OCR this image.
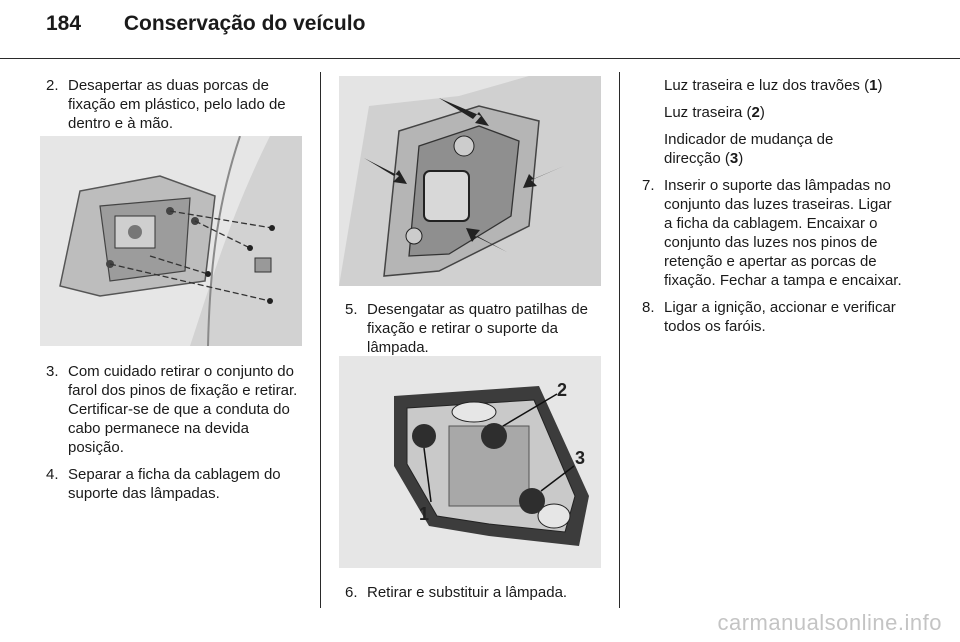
184 Conservação do veículo
2. Desapertar as duas porcas de fixação em plástico, pelo lado de dentro e à mão.
3. Com cuidado retirar o conjunto do farol dos pinos de fixação e retirar. Certificar-se de que a conduta do cabo permanece na devida posição.
4. Separar a ficha da cablagem do suporte das lâmpadas.
5. Desengatar as quatro patilhas de fixação e retirar o suporte da lâmpada.
1
2
3
6. Retirar e substituir a lâmpada.
Luz traseira e luz dos travões (1)
Luz traseira (2)
Indicador de mudança de direcção (3)
7. Inserir o suporte das lâmpadas no conjunto das luzes traseiras. Ligar a ficha da cablagem. Encaixar o conjunto das luzes nos pinos de retenção e apertar as porcas de fixação. Fechar a tampa e encaixar.
8. Ligar a ignição, accionar e verificar todos os faróis.
carmanualsonline.info
